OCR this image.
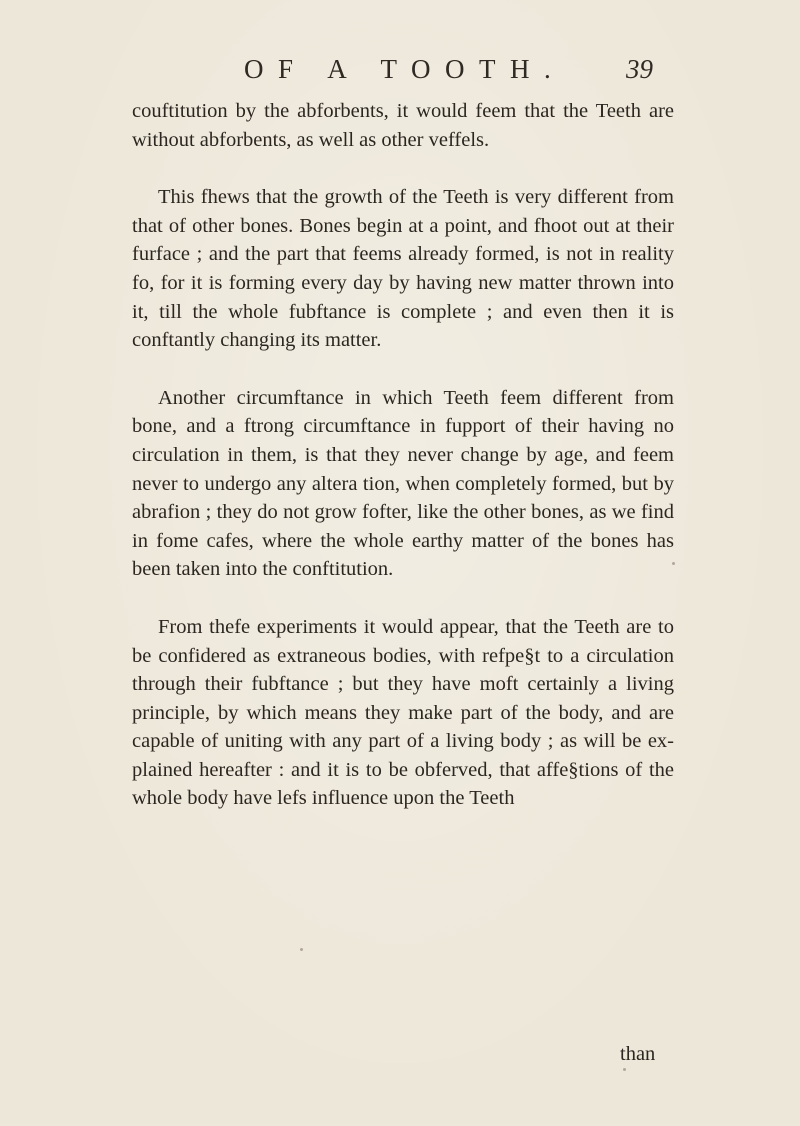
OF A TOOTH. 39

couftitution by the abforbents, it would feem that the Teeth are without abforbents, as well as other veffels.

This fhews that the growth of the Teeth is very different from that of other bones. Bones begin at a point, and fhoot out at their furface ; and the part that feems already formed, is not in reality fo, for it is forming every day by having new matter thrown into it, till the whole fubftance is complete ; and even then it is conftantly changing its matter.

Another circumftance in which Teeth feem different from bone, and a ftrong circumftance in fupport of their having no circulation in them, is that they never change by age, and feem never to undergo any altera tion, when completely formed, but by abrafion ; they do not grow fofter, like the other bones, as we find in fome cafes, where the whole earthy matter of the bones has been taken into the conftitution.

From thefe experiments it would appear, that the Teeth are to be confidered as extraneous bodies, with refpe§t to a circulation through their fubftance ; but they have moft certainly a living principle, by which means they make part of the body, and are capable of uniting with any part of a living body ; as will be ex plained hereafter : and it is to be obferved, that affe§tions of the whole body have lefs influence upon the Teeth

than
